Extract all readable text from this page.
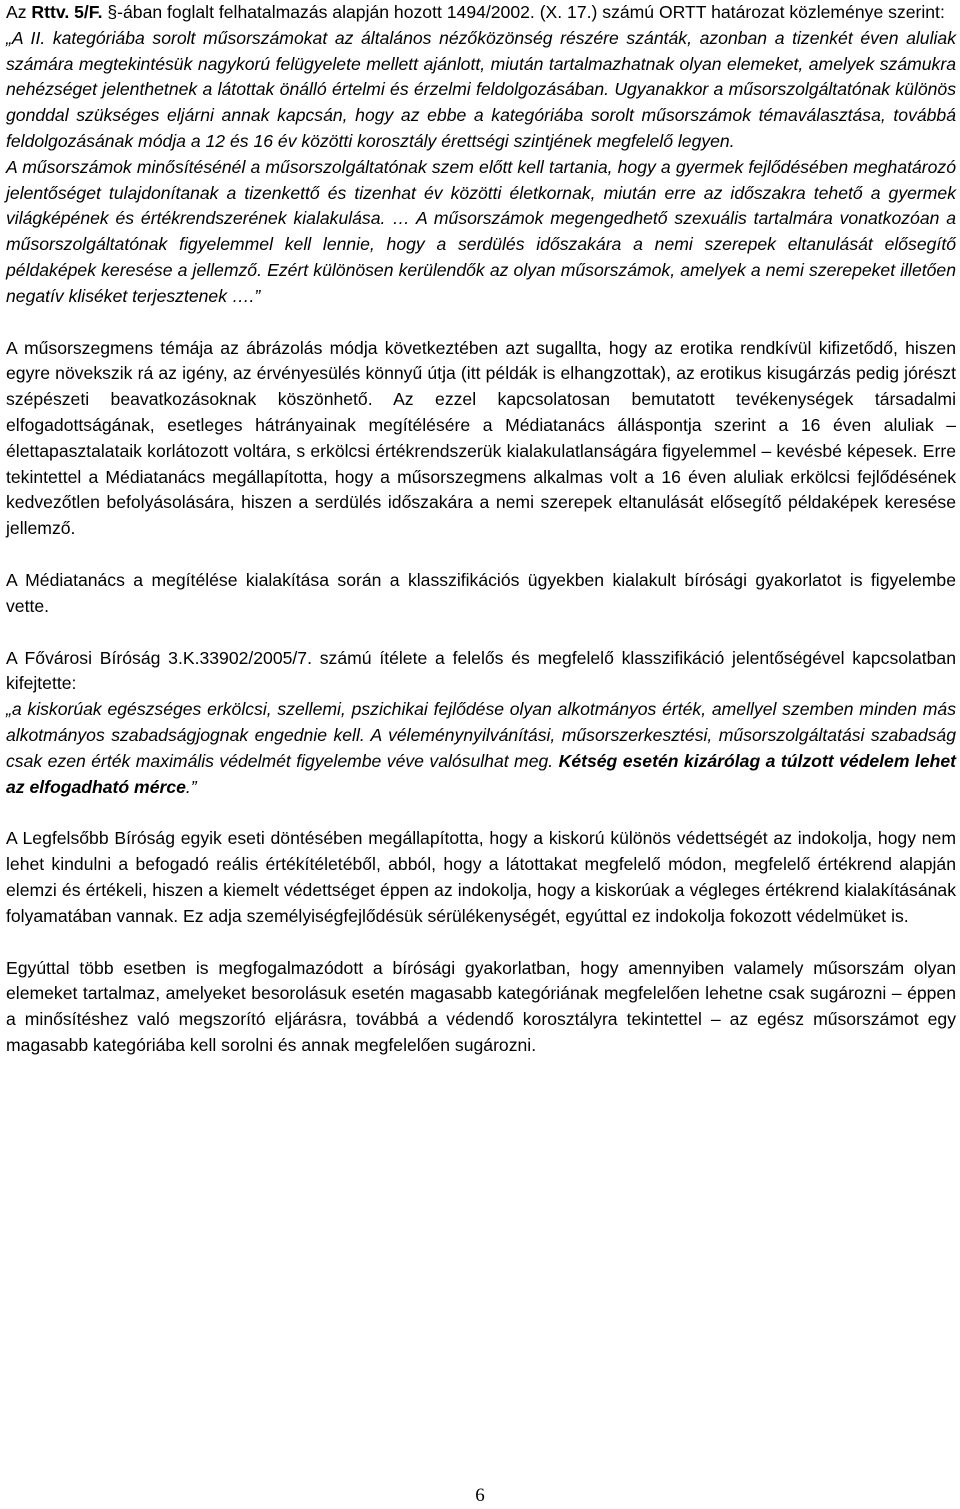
Az Rttv. 5/F. §-ában foglalt felhatalmazás alapján hozott 1494/2002. (X. 17.) számú ORTT határozat közleménye szerint:

„A II. kategóriába sorolt műsorszámokat az általános nézőközönség részére szánták, azonban a tizenkét éven aluliak számára megtekintésük nagykorú felügyelete mellett ajánlott, miután tartalmazhatnak olyan elemeket, amelyek számukra nehézséget jelenthetnek a látottak önálló értelmi és érzelmi feldolgozásában. Ugyanakkor a műsorszolgáltatónak különös gonddal szükséges eljárni annak kapcsán, hogy az ebbe a kategóriába sorolt műsorszámok témaválasztása, továbbá feldolgozásának módja a 12 és 16 év közötti korosztály érettségi szintjének megfelelő legyen.

A műsorszámok minősítésénél a műsorszolgáltatónak szem előtt kell tartania, hogy a gyermek fejlődésében meghatározó jelentőséget tulajdonítanak a tizenkettő és tizenhat év közötti életkornak, miután erre az időszakra tehető a gyermek világképének és értékrendszerének kialakulása. … A műsorszámok megengedhető szexuális tartalmára vonatkozóan a műsorszolgáltatónak figyelemmel kell lennie, hogy a serdülés időszakára a nemi szerepek eltanulását elősegítő példaképek keresése a jellemző. Ezért különösen kerülendők az olyan műsorszámok, amelyek a nemi szerepeket illetően negatív kliséket terjesztenek ….”

A műsorszegmens témája az ábrázolás módja következtében azt sugallta, hogy az erotika rendkívül kifizetődő, hiszen egyre növekszik rá az igény, az érvényesülés könnyű útja (itt példák is elhangzottak), az erotikus kisugárzás pedig jórészt szépészeti beavatkozásoknak köszönhető. Az ezzel kapcsolatosan bemutatott tevékenységek társadalmi elfogadottságának, esetleges hátrányainak megítélésére a Médiatanács álláspontja szerint a 16 éven aluliak – élettapasztalataik korlátozott voltára, s erkölcsi értékrendszerük kialakulatlanságára figyelemmel – kevésbé képesek. Erre tekintettel a Médiatanács megállapította, hogy a műsorszegmens alkalmas volt a 16 éven aluliak erkölcsi fejlődésének kedvezőtlen befolyásolására, hiszen a serdülés időszakára a nemi szerepek eltanulását elősegítő példaképek keresése jellemző.

A Médiatanács a megítélése kialakítása során a klasszifikációs ügyekben kialakult bírósági gyakorlatot is figyelembe vette.

A Fővárosi Bíróság 3.K.33902/2005/7. számú ítélete a felelős és megfelelő klasszifikáció jelentőségével kapcsolatban kifejtette:

„a kiskorúak egészséges erkölcsi, szellemi, pszichikai fejlődése olyan alkotmányos érték, amellyel szemben minden más alkotmányos szabadságjognak engednie kell. A véleménynyilvánítási, műsorszerkesztési, műsorszolgáltatási szabadság csak ezen érték maximális védelmét figyelembe véve valósulhat meg. Kétség esetén kizárólag a túlzott védelem lehet az elfogadható mérce.”

A Legfelsőbb Bíróság egyik eseti döntésében megállapította, hogy a kiskorú különös védettségét az indokolja, hogy nem lehet kindulni a befogadó reális értékítéletéből, abból, hogy a látottakat megfelelő módon, megfelelő értékrend alapján elemzi és értékeli, hiszen a kiemelt védettséget éppen az indokolja, hogy a kiskorúak a végleges értékrend kialakításának folyamatában vannak. Ez adja személyiségfejlődésük sérülékenységét, egyúttal ez indokolja fokozott védelmüket is.

Egyúttal több esetben is megfogalmazódott a bírósági gyakorlatban, hogy amennyiben valamely műsorszám olyan elemeket tartalmaz, amelyeket besorolásuk esetén magasabb kategóriának megfelelően lehetne csak sugározni – éppen a minősítéshez való megszorító eljárásra, továbbá a védendő korosztályra tekintettel – az egész műsorszámot egy magasabb kategóriába kell sorolni és annak megfelelően sugározni.

6
